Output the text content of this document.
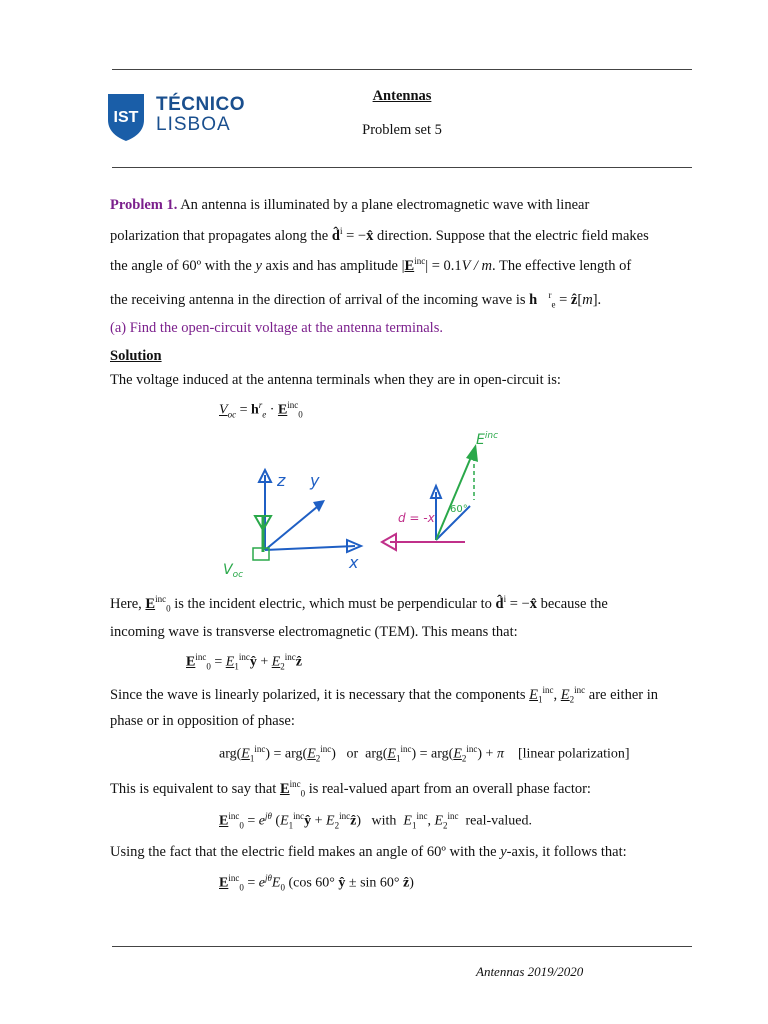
IST
TÉCNICO
LISBOA
Antennas
Problem set 5
Problem 1. An antenna is illuminated by a plane electromagnetic wave with linear
polarization that propagates along the d̂$^i$ = −x̂ direction. Suppose that the electric field makes
the angle of 60º with the y axis and has amplitude $|E^{inc}| = 0.1V / m$. The effective length of
the receiving antenna in the direction of arrival of the incoming wave is h⃗$^r_e$ = ẑ[m].
(a) Find the open-circuit voltage at the antenna terminals.
Solution
The voltage induced at the antenna terminals when they are in open-circuit is:
$V_{oc} = h^r_e \cdot E^{inc}_0$
z y
x
$V_{oc}$
d = -x
$E^{inc}$
60°
Here, $E^{inc}_0$ is the incident electric, which must be perpendicular to d̂$^i$ = −x̂ because the
incoming wave is transverse electromagnetic (TEM). This means that:
$E^{inc}_0$ = $E_1^{inc}ŷ$ + $E_2^{inc}ẑ$
Since the wave is linearly polarized, it is necessary that the components $E_1^{inc}$, $E_2^{inc}$ are either in
phase or in opposition of phase:
$arg(E_1^{inc}) = arg(E_2^{inc})$   or  $arg(E_1^{inc}) = arg(E_2^{inc}) + \pi$ [linear polarization]
This is equivalent to say that $E^{inc}_0$ is real-valued apart from an overall phase factor:
$E^{inc}_0 = e^{j\theta}$ ($E_1^{inc}ŷ$ + $E_2^{inc}ẑ$)   with $E_1^{inc}$, $E_2^{inc}$ real-valued.
Using the fact that the electric field makes an angle of 60º with the y-axis, it follows that:
$E^{inc}_0 = e^{j\theta}E_0$ (cos 60° ŷ ± sin 60° ẑ)
Antennas 2019/2020
